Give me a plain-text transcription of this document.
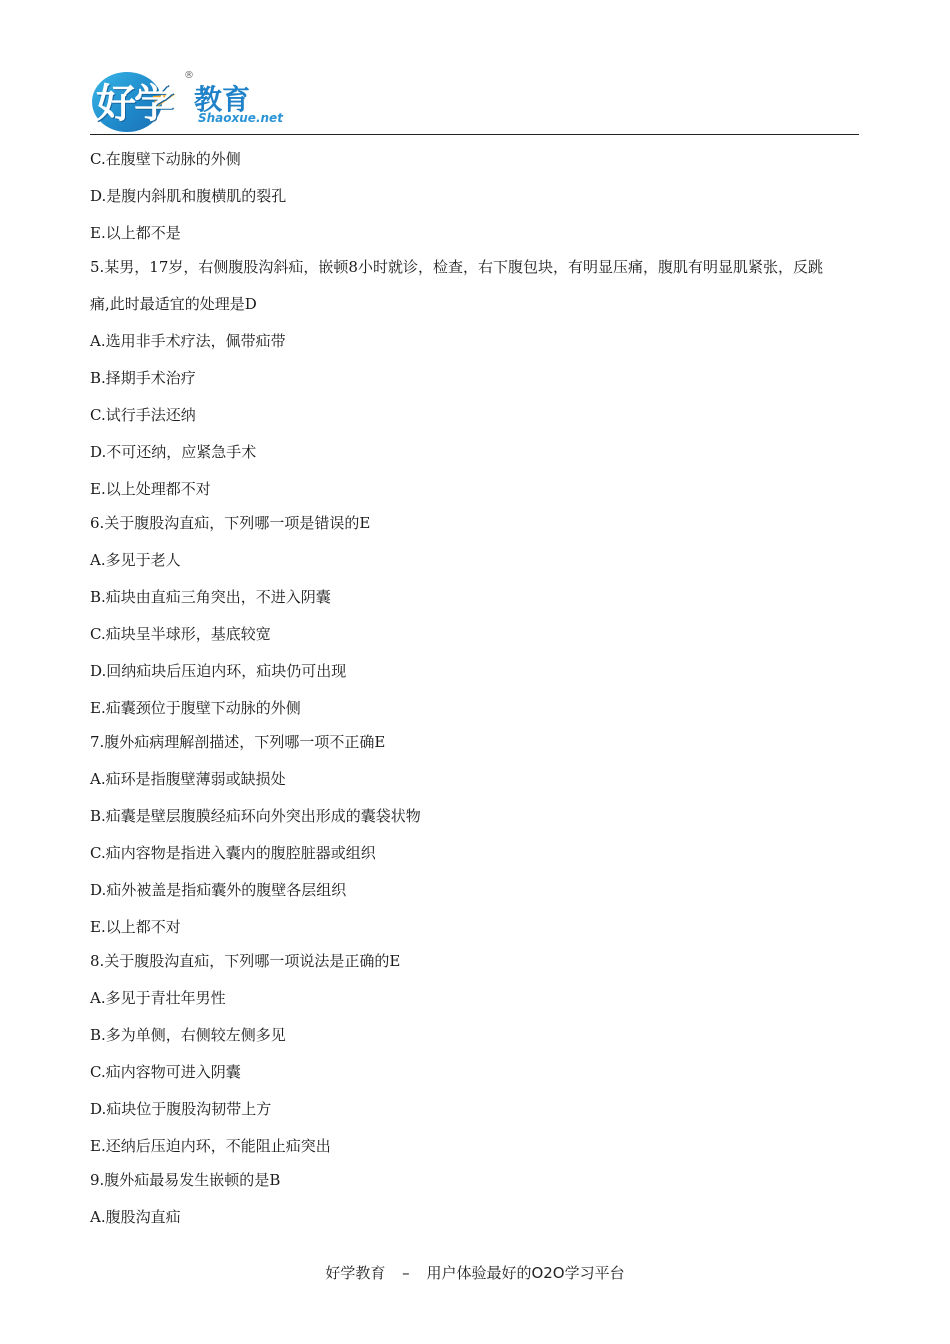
好学
®
教育
Shaoxue.net
C.在腹壁下动脉的外侧
D.是腹内斜肌和腹横肌的裂孔
E.以上都不是
5.某男，17岁，右侧腹股沟斜疝，嵌顿8小时就诊，检查，右下腹包块，有明显压痛，腹肌有明显肌紧张，反跳
痛,此时最适宜的处理是D
A.选用非手术疗法，佩带疝带
B.择期手术治疗
C.试行手法还纳
D.不可还纳，应紧急手术
E.以上处理都不对
6.关于腹股沟直疝，下列哪一项是错误的E
A.多见于老人
B.疝块由直疝三角突出，不进入阴囊
C.疝块呈半球形，基底较宽
D.回纳疝块后压迫内环，疝块仍可出现
E.疝囊颈位于腹壁下动脉的外侧
7.腹外疝病理解剖描述，下列哪一项不正确E
A.疝环是指腹壁薄弱或缺损处
B.疝囊是壁层腹膜经疝环向外突出形成的囊袋状物
C.疝内容物是指进入囊内的腹腔脏器或组织
D.疝外被盖是指疝囊外的腹壁各层组织
E.以上都不对
8.关于腹股沟直疝，下列哪一项说法是正确的E
A.多见于青壮年男性
B.多为单侧，右侧较左侧多见
C.疝内容物可进入阴囊
D.疝块位于腹股沟韧带上方
E.还纳后压迫内环，不能阻止疝突出
9.腹外疝最易发生嵌顿的是B
A.腹股沟直疝
好学教育 – 用户体验最好的O2O学习平台
